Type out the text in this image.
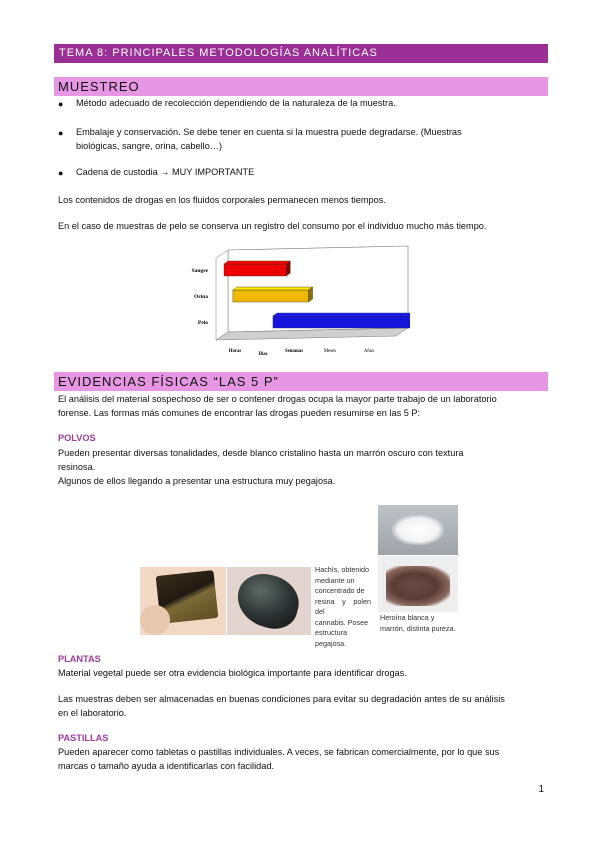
TEMA 8: PRINCIPALES METODOLOGÍAS ANALÍTICAS
MUESTREO
● Método adecuado de recolección dependiendo de la naturaleza de la muestra.
● Embalaje y conservación. Se debe tener en cuenta si la muestra puede degradarse. (Muestras
biológicas, sangre, orina, cabello…)
● Cadena de custodia → MUY IMPORTANTE
Los contenidos de drogas en los fluidos corporales permanecen menos tiempos.
En el caso de muestras de pelo se conserva un registro del consumo por el individuo mucho más tiempo.
Sangre
Orina
Pelo
Horas
Días
Semanas	Meses	Años
EVIDENCIAS FÍSICAS “LAS 5 P”
El análisis del material sospechoso de ser o contener drogas ocupa la mayor parte trabajo de un laboratorio
forense. Las formas más comunes de encontrar las drogas pueden resumirse en las 5 P:
POLVOS
Pueden presentar diversas tonalidades, desde blanco cristalino hasta un marrón oscuro con textura
resinosa.
Algunos de ellos llegando a presentar una estructura muy pegajosa.
Hachís, obtenido
mediante un
concentrado de
resina y polen del
cannabis. Posee
estructura
pegajosa.
Heroína blanca y
marrón, distinta pureza.
PLANTAS
Material vegetal puede ser otra evidencia biológica importante para identificar drogas.
Las muestras deben ser almacenadas en buenas condiciones para evitar su degradación antes de su análisis
en el laboratorio.
PASTILLAS
Pueden aparecer como tabletas o pastillas individuales. A veces, se fabrican comercialmente, por lo que sus
marcas o tamaño ayuda a identificarlas con facilidad.
1
